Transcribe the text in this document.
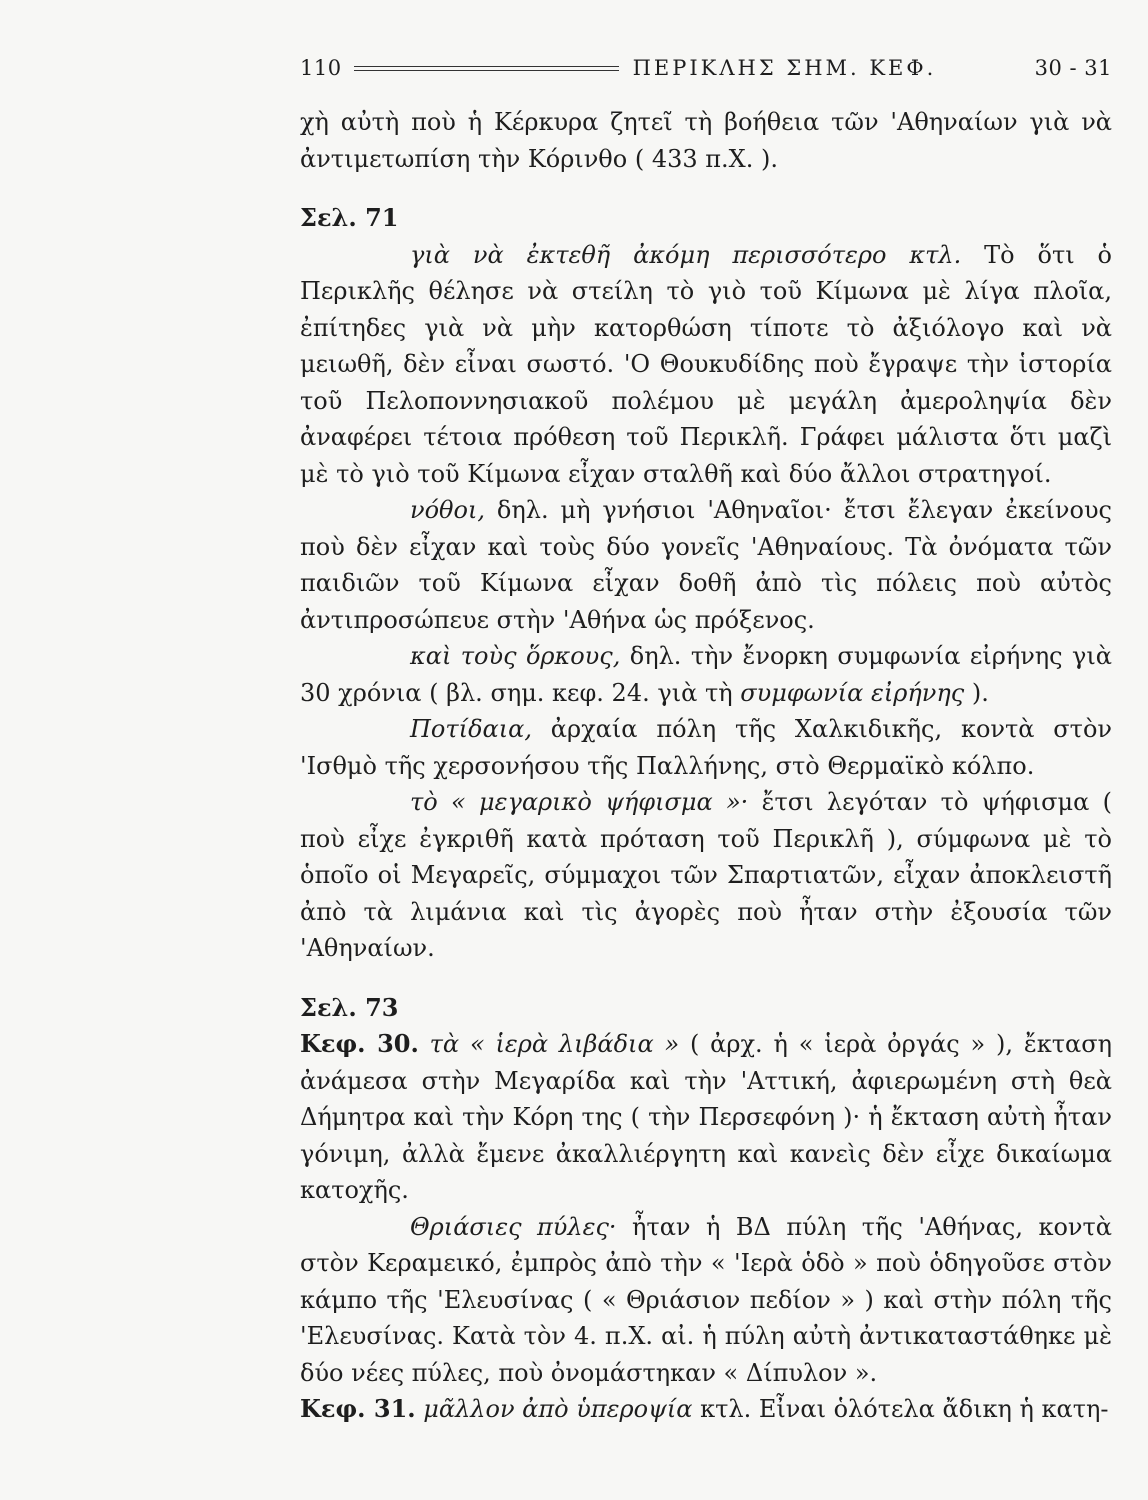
110	ΠΕΡΙΚΛΗΣ ΣΗΜ. ΚΕΦ.	30 - 31

χὴ αὐτὴ ποὺ ἡ Κέρκυρα ζητεῖ τὴ βοήθεια τῶν 'Αθηναίων γιὰ νὰ ἀντιμετωπίση τὴν Κόρινθο ( 433 π.Χ. ).

Σελ. 71

γιὰ νὰ ἐκτεθῆ ἀκόμη περισσότερο κτλ. Τὸ ὅτι ὁ Περικλῆς θέλησε νὰ στείλη τὸ γιὸ τοῦ Κίμωνα μὲ λίγα πλοῖα, ἐπίτηδες γιὰ νὰ μὴν κατορθώση τίποτε τὸ ἀξιόλογο καὶ νὰ μειωθῆ, δὲν εἶναι σωστό. 'Ο Θουκυδίδης ποὺ ἔγραψε τὴν ἱστορία τοῦ Πελοποννησιακοῦ πολέμου μὲ μεγάλη ἀμεροληψία δὲν ἀναφέρει τέτοια πρόθεση τοῦ Περικλῆ. Γράφει μάλιστα ὅτι μαζὶ μὲ τὸ γιὸ τοῦ Κίμωνα εἶχαν σταλθῆ καὶ δύο ἄλλοι στρατηγοί.

νόθοι, δηλ. μὴ γνήσιοι 'Αθηναῖοι· ἔτσι ἔλεγαν ἐκείνους ποὺ δὲν εἶχαν καὶ τοὺς δύο γονεῖς 'Αθηναίους. Τὰ ὀνόματα τῶν παιδιῶν τοῦ Κίμωνα εἶχαν δοθῆ ἀπὸ τὶς πόλεις ποὺ αὐτὸς ἀντιπροσώπευε στὴν 'Αθήνα ὡς πρόξενος.

καὶ τοὺς ὅρκους, δηλ. τὴν ἔνορκη συμφωνία εἰρήνης γιὰ 30 χρόνια ( βλ. σημ. κεφ. 24. γιὰ τὴ συμφωνία εἰρήνης ).

Ποτίδαια, ἀρχαία πόλη τῆς Χαλκιδικῆς, κοντὰ στὸν 'Ισθμὸ τῆς χερσονήσου τῆς Παλλήνης, στὸ Θερμαϊκὸ κόλπο.

τὸ « μεγαρικὸ ψήφισμα »· ἔτσι λεγόταν τὸ ψήφισμα ( ποὺ εἶχε ἐγκριθῆ κατὰ πρόταση τοῦ Περικλῆ ), σύμφωνα μὲ τὸ ὁποῖο οἱ Μεγαρεῖς, σύμμαχοι τῶν Σπαρτιατῶν, εἶχαν ἀποκλειστῆ ἀπὸ τὰ λιμάνια καὶ τὶς ἀγορὲς ποὺ ἦταν στὴν ἐξουσία τῶν 'Αθηναίων.

Σελ. 73

Κεφ. 30. τὰ « ἱερὰ λιβάδια » ( ἀρχ. ἡ « ἱερὰ ὀργάς » ), ἔκταση ἀνάμεσα στὴν Μεγαρίδα καὶ τὴν 'Αττική, ἀφιερωμένη στὴ θεὰ Δήμητρα καὶ τὴν Κόρη της ( τὴν Περσεφόνη )· ἡ ἔκταση αὐτὴ ἦταν γόνιμη, ἀλλὰ ἔμενε ἀκαλλιέργητη καὶ κανεὶς δὲν εἶχε δικαίωμα κατοχῆς.

Θριάσιες πύλες· ἦταν ἡ ΒΔ πύλη τῆς 'Αθήνας, κοντὰ στὸν Κεραμεικό, ἐμπρὸς ἀπὸ τὴν « 'Ιερὰ ὁδὸ » ποὺ ὁδηγοῦσε στὸν κάμπο τῆς 'Ελευσίνας ( « Θριάσιον πεδίον » ) καὶ στὴν πόλη τῆς 'Ελευσίνας. Κατὰ τὸν 4. π.Χ. αἰ. ἡ πύλη αὐτὴ ἀντικαταστάθηκε μὲ δύο νέες πύλες, ποὺ ὀνομάστηκαν « Δίπυλον ».

Κεφ. 31. μᾶλλον ἀπὸ ὑπεροψία κτλ. Εἶναι ὁλότελα ἄδικη ἡ κατη-
